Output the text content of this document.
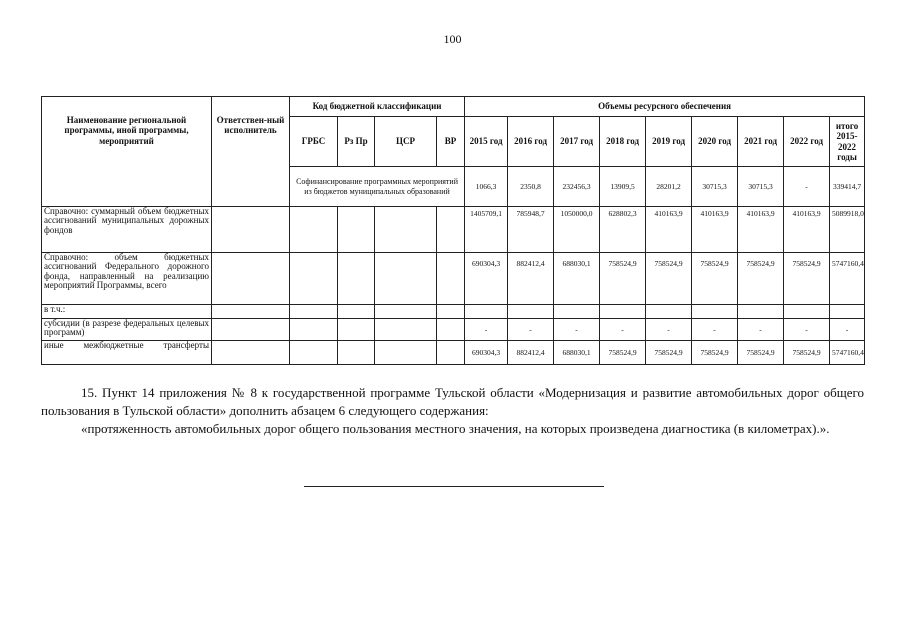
100
Наименование региональной программы, иной программы, мероприятий	Ответствен-ный исполнитель	Код бюджетной классификации				Объемы ресурсного обеспечения								
		ГРБС	Рз Пр	ЦСР	ВР	2015 год	2016 год	2017 год	2018 год	2019 год	2020 год	2021 год	2022 год	итого 2015-2022 годы
		Софинансирование программных мероприятий из бюджетов муниципальных образований				1066,3	2350,8	232456,3	13909,5	28201,2	30715,3	30715,3	-	339414,7
Справочно: суммарный объем бюджетных ассигнований муниципальных дорожных фондов						1405709,1	785948,7	1050000,0	628802,3	410163,9	410163,9	410163,9	410163,9	5089918,0
Справочно: объем бюджетных ассигнований Федерального дорожного фонда, направленный на реализацию мероприятий Программы, всего						690304,3	882412,4	688030,1	758524,9	758524,9	758524,9	758524,9	758524,9	5747160,4
в т.ч.:														
субсидии (в разрезе федеральных целевых программ)						-	-	-	-	-	-	-	-	-
иные межбюджетные трансферты						690304,3	882412,4	688030,1	758524,9	758524,9	758524,9	758524,9	758524,9	5747160,4
15. Пункт 14 приложения № 8 к государственной программе Тульской области «Модернизация и развитие автомобильных дорог общего пользования в Тульской области» дополнить абзацем 6 следующего содержания:
«протяженность автомобильных дорог общего пользования местного значения, на которых произведена диагностика (в километрах).».
